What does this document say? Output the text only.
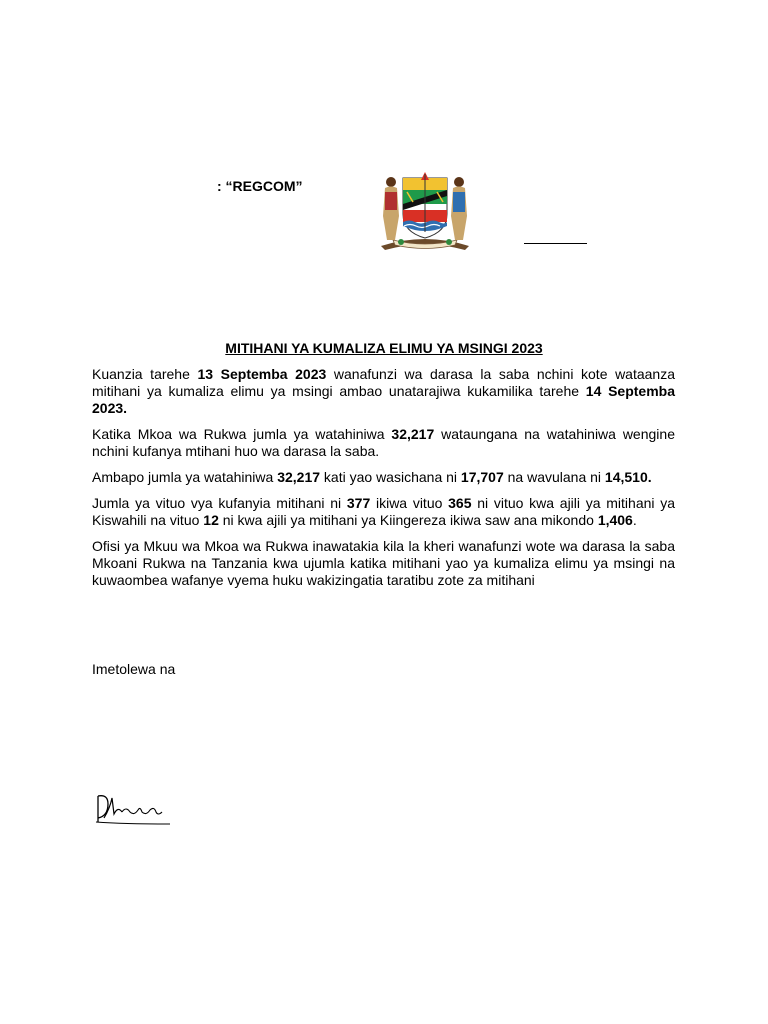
: “REGCOM”

MITIHANI YA KUMALIZA ELIMU YA MSINGI 2023

Kuanzia tarehe 13 Septemba 2023 wanafunzi wa darasa la saba nchini kote wataanza mitihani ya kumaliza elimu ya msingi ambao unatarajiwa kukamilika tarehe 14 Septemba 2023.

Katika Mkoa wa Rukwa jumla ya watahiniwa 32,217 wataungana na watahiniwa wengine nchini kufanya mtihani huo wa darasa la saba.

Ambapo jumla ya watahiniwa 32,217 kati yao wasichana ni 17,707 na wavulana ni 14,510.

Jumla ya vituo vya kufanyia mitihani ni 377 ikiwa vituo 365 ni vituo kwa ajili ya mitihani ya Kiswahili na vituo 12 ni kwa ajili ya mitihani ya Kiingereza ikiwa saw ana mikondo 1,406.

Ofisi ya Mkuu wa Mkoa wa Rukwa inawatakia kila la kheri wanafunzi wote wa darasa la saba Mkoani Rukwa na Tanzania kwa ujumla katika mitihani yao ya kumaliza elimu ya msingi na kuwaombea wafanye vyema huku wakizingatia taratibu zote za mitihani

Imetolewa na
